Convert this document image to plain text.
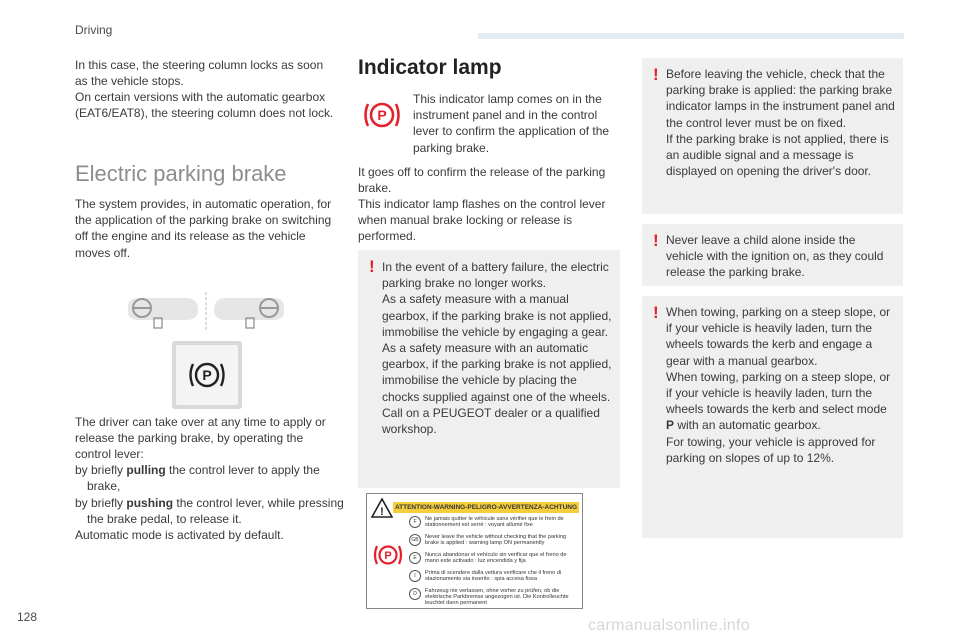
Driving

In this case, the steering column locks as soon as the vehicle stops.

On certain versions with the automatic gearbox (EAT6/EAT8), the steering column does not lock.

Electric parking brake

The system provides, in automatic operation, for the application of the parking brake on switching off the engine and its release as the vehicle moves off.

P

The driver can take over at any time to apply or release the parking brake, by operating the control lever:

by briefly pulling the control lever to apply the brake,

by briefly pushing the control lever, while pressing the brake pedal, to release it.

Automatic mode is activated by default.

Indicator lamp
P

This indicator lamp comes on in the instrument panel and in the control lever to confirm the application of the parking brake.

It goes off to confirm the release of the parking brake.

This indicator lamp flashes on the control lever when manual brake locking or release is performed.

! In the event of a battery failure, the electric parking brake no longer works.
As a safety measure with a manual gearbox, if the parking brake is not applied, immobilise the vehicle by engaging a gear.
As a safety measure with an automatic gearbox, if the parking brake is not applied, immobilise the vehicle by placing the chocks supplied against one of the wheels.
Call on a PEUGEOT dealer or a qualified workshop.

! ATTENTION-WARNING-PELIGRO-AVVERTENZA-ACHTUNG
P
F	Ne jamais quitter le véhicule sans vérifier que le frein de stationnement est serré : voyant allumé fixe
GB	Never leave the vehicle without checking that the parking brake is applied : warning lamp ON permanently
E	Nunca abandonar el vehículo sin verificar que el freno de mano este activado : luz encendida y fija
I	Prima di scendere dalla vettura verificare che il freno di stazionamento sia inserito : spia accesa fissa
D	Fahrzeug nie verlassen, ohne vorher zu prüfen, ob die elektrische Parkbremse angezogen ist. Die Kontrolleuchte leuchtet dann permanent
! Before leaving the vehicle, check that the parking brake is applied: the parking brake indicator lamps in the instrument panel and the control lever must be on fixed.
If the parking brake is not applied, there is an audible signal and a message is displayed on opening the driver's door.

! Never leave a child alone inside the vehicle with the ignition on, as they could release the parking brake.

! When towing, parking on a steep slope, or if your vehicle is heavily laden, turn the wheels towards the kerb and engage a gear with a manual gearbox.
When towing, parking on a steep slope, or if your vehicle is heavily laden, turn the wheels towards the kerb and select mode P with an automatic gearbox.
For towing, your vehicle is approved for parking on slopes of up to 12%.

128	carmanualsonline.info
